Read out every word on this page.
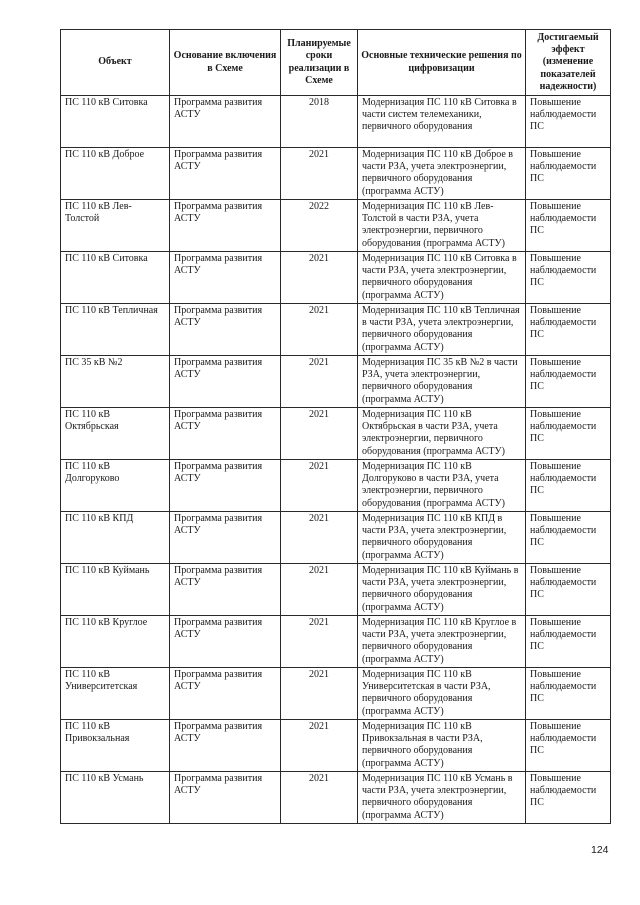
Объект	Основание включения в Схеме	Планируемые сроки реализации в Схеме	Основные технические решения по цифровизации	Достигаемый эффект (изменение показателей надежности)
ПС 110 кВ Ситовка	Программа развития АСТУ	2018	Модернизация ПС 110 кВ Ситовка в части систем телемеханики, первичного оборудования	Повышение наблюдаемости ПС
ПС 110 кВ Доброе	Программа развития АСТУ	2021	Модернизация ПС 110 кВ Доброе в части РЗА, учета электроэнергии, первичного оборудования (программа АСТУ)	Повышение наблюдаемости ПС
ПС 110 кВ Лев-Толстой	Программа развития АСТУ	2022	Модернизация ПС 110 кВ Лев-Толстой в части РЗА, учета электроэнергии, первичного оборудования (программа АСТУ)	Повышение наблюдаемости ПС
ПС 110 кВ Ситовка	Программа развития АСТУ	2021	Модернизация ПС 110 кВ Ситовка в части РЗА, учета электроэнергии, первичного оборудования (программа АСТУ)	Повышение наблюдаемости ПС
ПС 110 кВ Тепличная	Программа развития АСТУ	2021	Модернизация ПС 110 кВ Тепличная в части РЗА, учета электроэнергии, первичного оборудования (программа АСТУ)	Повышение наблюдаемости ПС
ПС 35 кВ №2	Программа развития АСТУ	2021	Модернизация ПС 35 кВ №2 в части РЗА, учета электроэнергии, первичного оборудования (программа АСТУ)	Повышение наблюдаемости ПС
ПС 110 кВ Октябрьская	Программа развития АСТУ	2021	Модернизация ПС 110 кВ Октябрьская в части РЗА, учета электроэнергии, первичного оборудования (программа АСТУ)	Повышение наблюдаемости ПС
ПС 110 кВ Долгоруково	Программа развития АСТУ	2021	Модернизация ПС 110 кВ Долгоруково в части РЗА, учета электроэнергии, первичного оборудования (программа АСТУ)	Повышение наблюдаемости ПС
ПС 110 кВ КПД	Программа развития АСТУ	2021	Модернизация ПС 110 кВ КПД в части РЗА, учета электроэнергии, первичного оборудования (программа АСТУ)	Повышение наблюдаемости ПС
ПС 110 кВ Куймань	Программа развития АСТУ	2021	Модернизация ПС 110 кВ Куймань в части РЗА, учета электроэнергии, первичного оборудования (программа АСТУ)	Повышение наблюдаемости ПС
ПС 110 кВ Круглое	Программа развития АСТУ	2021	Модернизация ПС 110 кВ Круглое в части РЗА, учета электроэнергии, первичного оборудования (программа АСТУ)	Повышение наблюдаемости ПС
ПС 110 кВ Университетская	Программа развития АСТУ	2021	Модернизация ПС 110 кВ Университетская в части РЗА, первичного оборудования (программа АСТУ)	Повышение наблюдаемости ПС
ПС 110 кВ Привокзальная	Программа развития АСТУ	2021	Модернизация ПС 110 кВ Привокзальная в части РЗА, первичного оборудования (программа АСТУ)	Повышение наблюдаемости ПС
ПС 110 кВ Усмань	Программа развития АСТУ	2021	Модернизация ПС 110 кВ Усмань в части РЗА, учета электроэнергии, первичного оборудования (программа АСТУ)	Повышение наблюдаемости ПС
124
